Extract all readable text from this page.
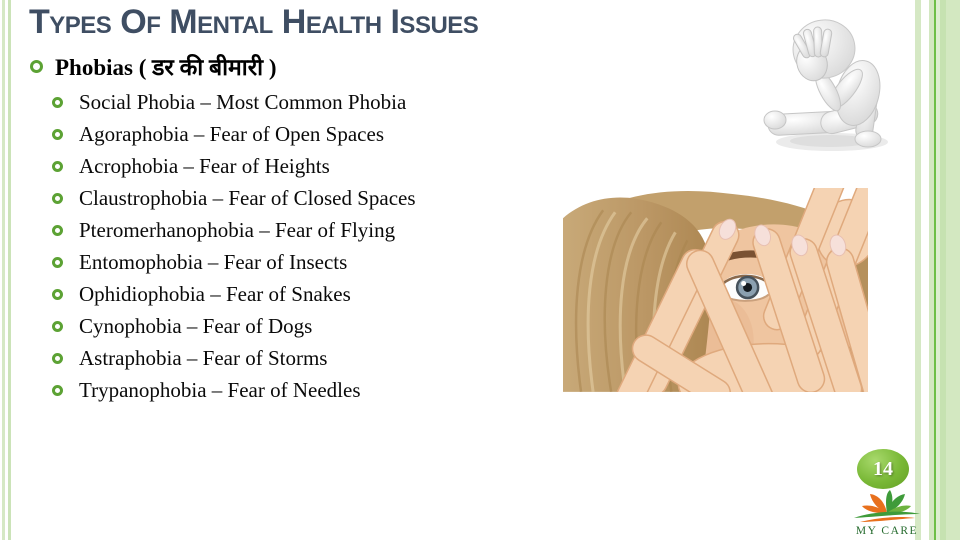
Types Of Mental Health Issues
Phobias ( डर की बीमारी )
Social Phobia – Most Common Phobia
Agoraphobia – Fear of Open Spaces
Acrophobia – Fear of Heights
Claustrophobia – Fear of Closed Spaces
Pteromerhanophobia – Fear of Flying
Entomophobia – Fear of Insects
Ophidiophobia – Fear of Snakes
Cynophobia – Fear of Dogs
Astraphobia – Fear of Storms
Trypanophobia – Fear of Needles
14
MY CARE
